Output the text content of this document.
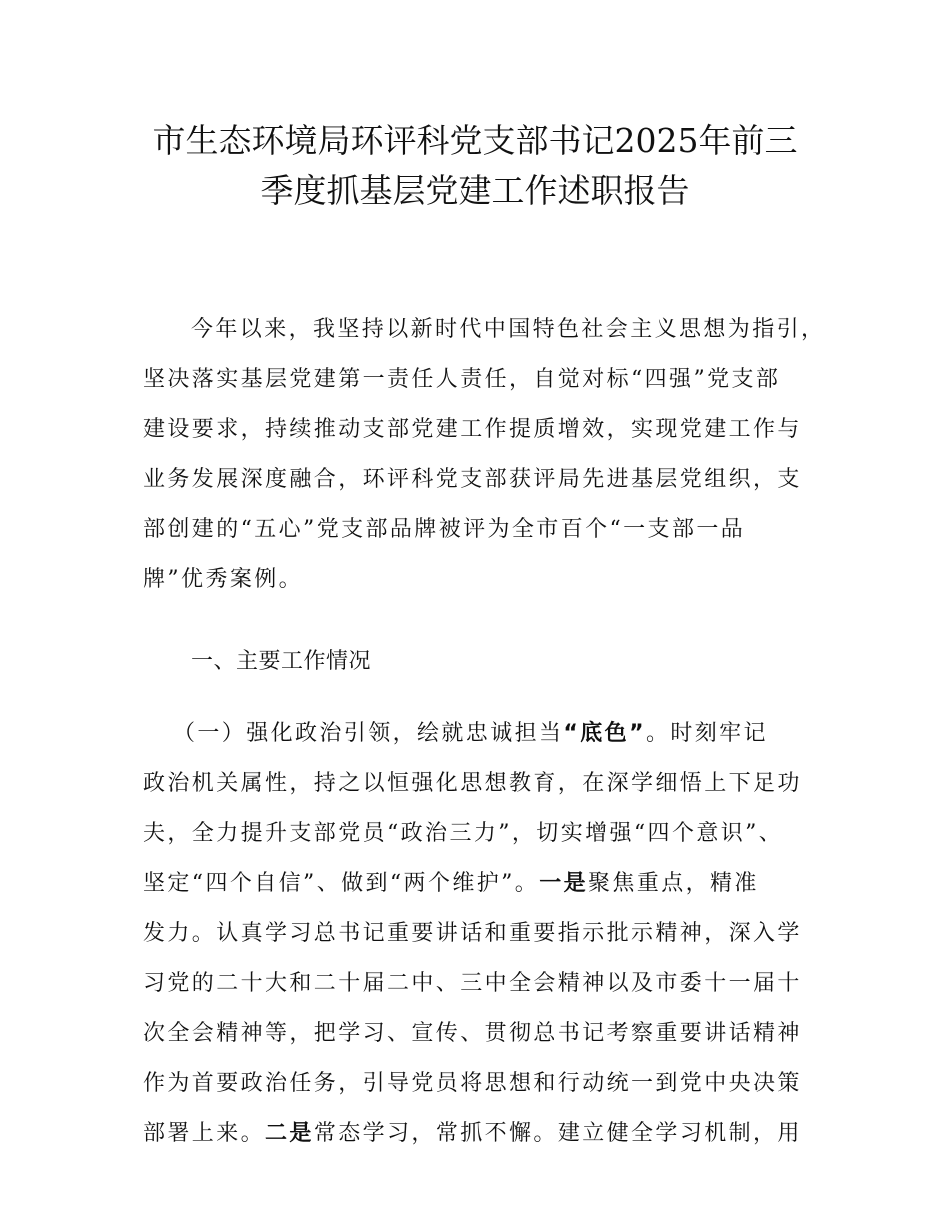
市生态环境局环评科党支部书记2025年前三
季度抓基层党建工作述职报告
今年以来，我坚持以新时代中国特色社会主义思想为指引，
坚决落实基层党建第一责任人责任，自觉对标“四强”党支部
建设要求，持续推动支部党建工作提质增效，实现党建工作与
业务发展深度融合，环评科党支部获评局先进基层党组织，支
部创建的“五心”党支部品牌被评为全市百个“一支部一品
牌”优秀案例。
一、主要工作情况
（一）强化政治引领，绘就忠诚担当“底色”。时刻牢记
政治机关属性，持之以恒强化思想教育，在深学细悟上下足功
夫，全力提升支部党员“政治三力”，切实增强“四个意识”、
坚定“四个自信”、做到“两个维护”。一是聚焦重点，精准
发力。认真学习总书记重要讲话和重要指示批示精神，深入学
习党的二十大和二十届二中、三中全会精神以及市委十一届十
次全会精神等，把学习、宣传、贯彻总书记考察重要讲话精神
作为首要政治任务，引导党员将思想和行动统一到党中央决策
部署上来。二是常态学习，常抓不懈。建立健全学习机制，用
